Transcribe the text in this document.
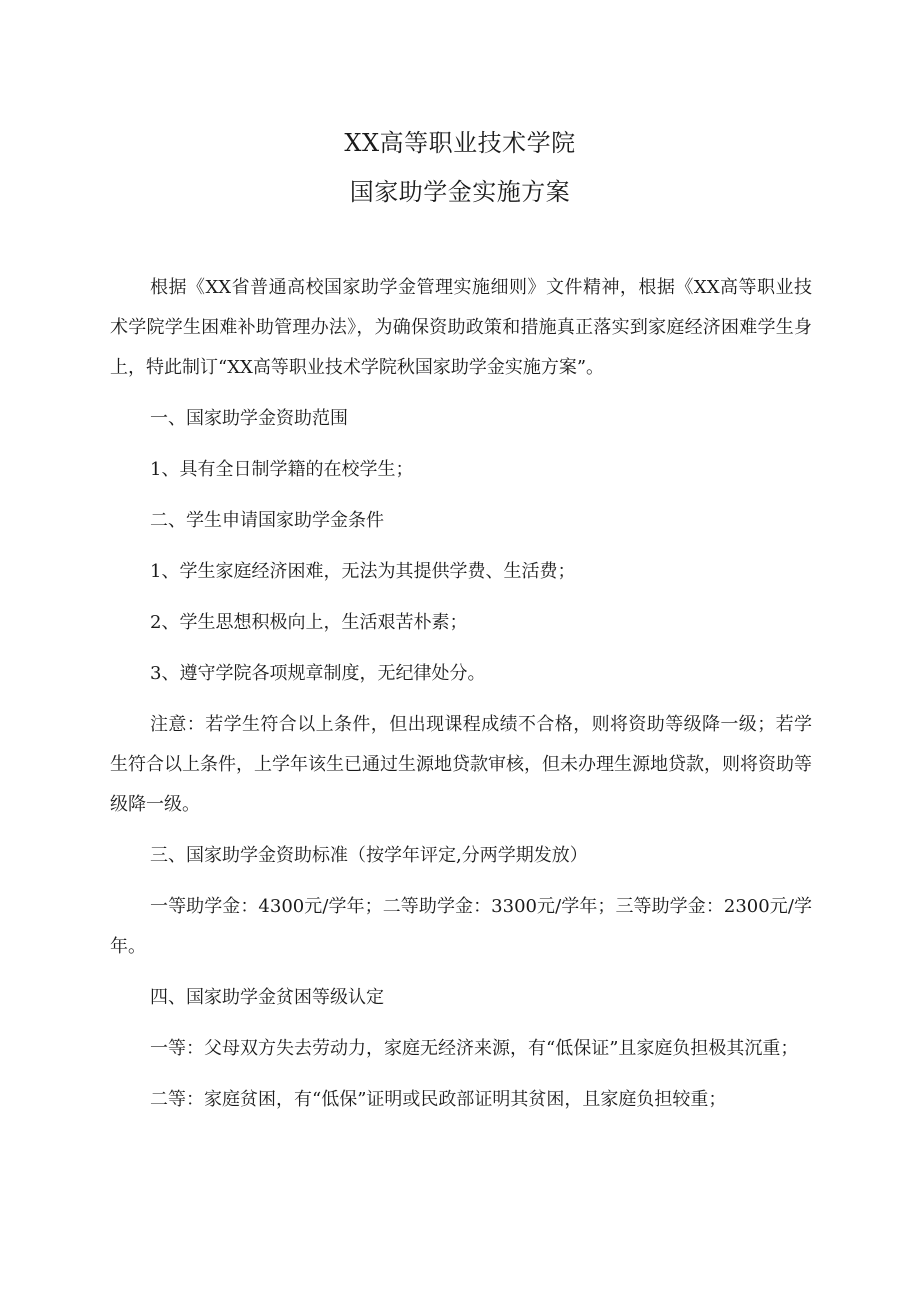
XX高等职业技术学院
国家助学金实施方案

根据《XX省普通高校国家助学金管理实施细则》文件精神，根据《XX高等职业技术学院学生困难补助管理办法》，为确保资助政策和措施真正落实到家庭经济困难学生身上，特此制订“XX高等职业技术学院秋国家助学金实施方案”。

一、国家助学金资助范围

1、具有全日制学籍的在校学生；

二、学生申请国家助学金条件

1、学生家庭经济困难，无法为其提供学费、生活费；

2、学生思想积极向上，生活艰苦朴素；

3、遵守学院各项规章制度，无纪律处分。

注意：若学生符合以上条件，但出现课程成绩不合格，则将资助等级降一级；若学生符合以上条件，上学年该生已通过生源地贷款审核，但未办理生源地贷款，则将资助等级降一级。

三、国家助学金资助标准（按学年评定,分两学期发放）

一等助学金：4300元/学年；二等助学金：3300元/学年；三等助学金：2300元/学年。

四、国家助学金贫困等级认定

一等：父母双方失去劳动力，家庭无经济来源，有“低保证”且家庭负担极其沉重；

二等：家庭贫困，有“低保”证明或民政部证明其贫困，且家庭负担较重；
